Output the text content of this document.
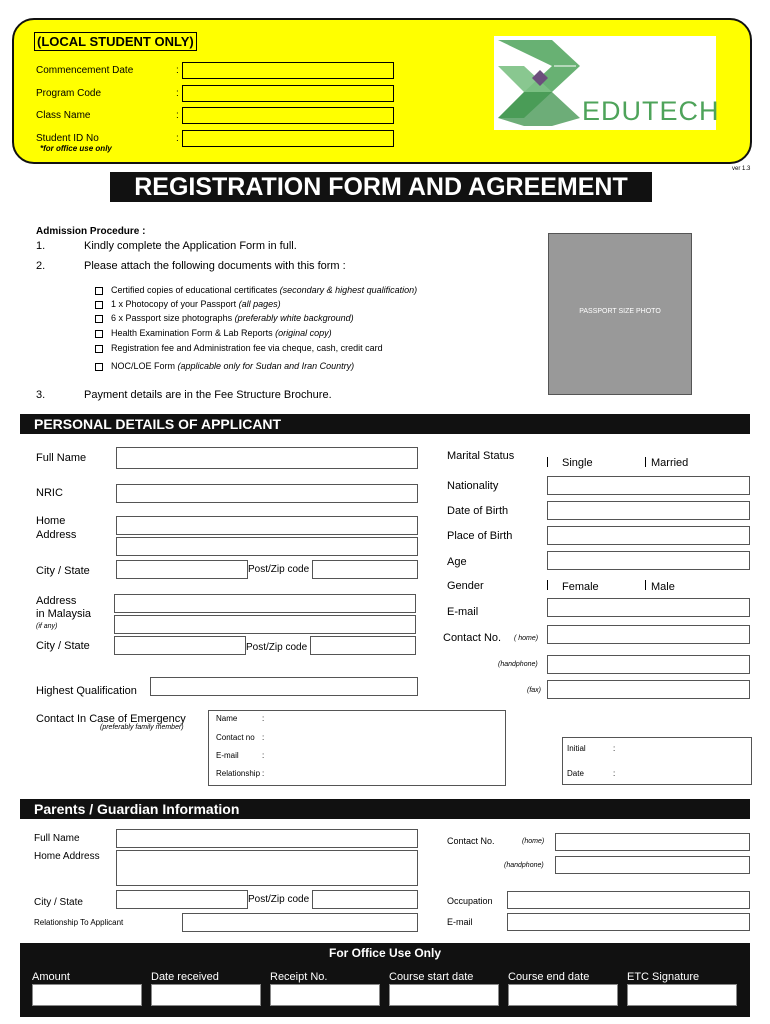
(LOCAL STUDENT ONLY)
Commencement Date	:
Program Code	:
Class Name	:
Student ID No	:
*for office use only
EDUTECH
ver 1.3
REGISTRATION FORM AND AGREEMENT
Admission Procedure :
1.	Kindly complete the Application Form in full.
2.	Please attach the following documents with this form :
Certified copies of educational certificates (secondary & highest qualification)
1 x Photocopy of your Passport (all pages)
6 x Passport size photographs (preferably white background)
Health Examination Form & Lab Reports (original copy)
Registration fee and Administration fee via cheque, cash, credit card
NOC/LOE Form (applicable only for Sudan and Iran Country)
3.	Payment details are in the Fee Structure Brochure.
PASSPORT SIZE PHOTO
PERSONAL DETAILS OF APPLICANT
Full Name
NRIC
Home
Address
City / State	Post/Zip code
Address
in Malaysia
(if any)
City / State	Post/Zip code
Highest Qualification
Contact In Case of Emergency
(preferably family member)
Name	:
Contact no :
E-mail	:
Relationship :
Marital Status
Single	Married
Nationality
Date of Birth
Place of Birth
Age
Gender	Female	Male
E-mail
Contact No. ( home)
(handphone)
(fax)
Initial	:
Date	:
Parents / Guardian Information
Full Name
Home Address
City / State	Post/Zip code
Relationship To Applicant
Contact No.	(home)
(handphone)
Occupation
E-mail
For Office Use Only
Amount	Date received	Receipt No.	Course start date	Course end date	ETC Signature
